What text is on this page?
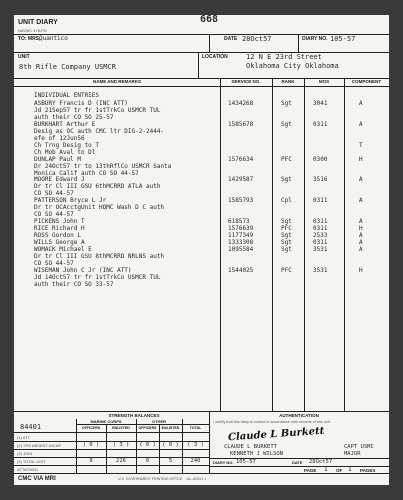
UNIT DIARY
NAVMC 478-PD
668
TO: MRS,
Quantico	DATE 28Oct57	DIARY NO. 105-57
UNIT
8th Rifle Company USMCR
LOCATION	12 N E 23rd Street
Oklahoma City Oklahoma
NAME AND REMARKS	SERVICE NO.	RANK	MOS	COMPONENT
INDIVIDUAL ENTRIES
ASBURY Francis D (INC ATT)	1434268	Sgt	3041	A
Jd 21Sep57 tr fr 1stTrkCo USMCR TUL
auth their CO SO 25-57
BURKHART Arthur E	1585678	Sgt	0311	A
Desig as OC auth CMC ltr DIG-2-2444-
efe of 12Jun56
Ch Trng Desig to T	T
Ch Mob Aval to Dl
DUNLAP Paul M	1576634	PFC	0300	H
Dr 24Oct57 tr to 13thRflCo USMCR Santa
Monica Calif auth CO SO 44-57
MOORE Edward J	1429587	Sgt	3516	A
Dr tr Cl III GSU 6thMCRRD ATLA auth
CO SO 44-57
PATTERSON Bryce L Jr	1585793	Cpl	0311	A
Dr tr OCAcctgUnit HQMC Wash D C auth
CO SO 44-57
PICKENS John T	618573	Sgt	0311	A
RICE Richard H	1576639	PFC	0311	H
ROSS Gordon L	1177349	Sgt	2533	A
WILLS George A	1333308	Sgt	0311	A
WOMACK Michael E	1095584	Sgt	3531	A
Dr tr Cl III GSU 8thMCRRD NRLNS auth
CO SO 44-57
WISEMAN John C Jr (INC ATT)	1544025	PFC	3531	H
Jd 14Oct57 tr fr 1stTrkCo USMCR TUL
auth their CO SO 33-57
STRENGTH BALANCES
84401
MARINE CORPS	OTHER
OFFICERS	ENLISTED	OFFICERS	ENLISTED	TOTAL
(1) ATT
(2) TRS ABSENT-INCAP	( 0 )	( 3 )	( 0 )	( 0 )	( 3 )
(3) JOIN
(4) TOTAL UNIT	9	226	0	5	240
ATTACHED
AUTHENTICATION
I certify that this diary is correct in accordance with records of this unit.
Claude L Burkett
CLAUDE L BURKETT	CAPT USMC
KENNETH J WILSON	MAJOR
DIARY NO. 105-57	DATE 28Oct57
PAGE 1 OF 1 PAGES
CMC VIA MRI	U.S. GOVERNMENT PRINTING OFFICE 16—60341-1
